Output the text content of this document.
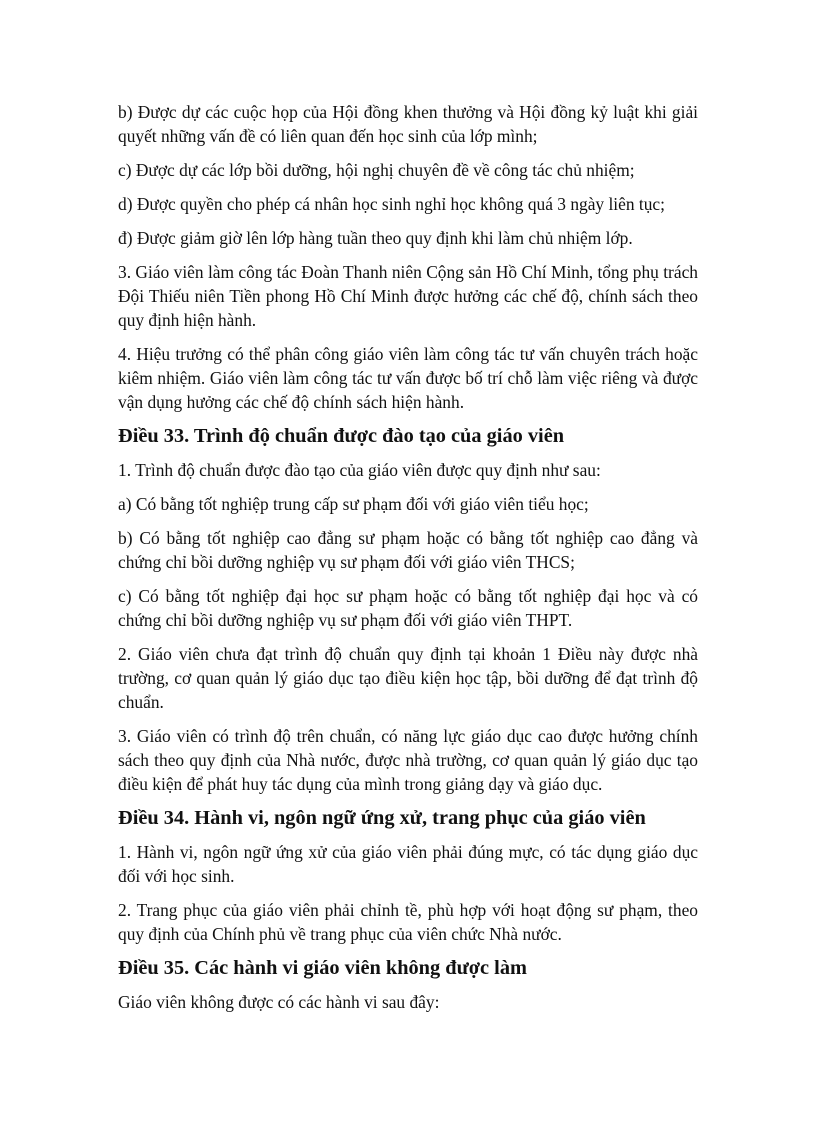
b) Được dự các cuộc họp của Hội đồng khen thưởng và Hội đồng kỷ luật khi giải quyết những vấn đề có liên quan đến học sinh của lớp mình;

c) Được dự các lớp bồi dưỡng, hội nghị chuyên đề về công tác chủ nhiệm;

d) Được quyền cho phép cá nhân học sinh nghỉ học không quá 3 ngày liên tục;

đ) Được giảm giờ lên lớp hàng tuần theo quy định khi làm chủ nhiệm lớp.

3. Giáo viên làm công tác Đoàn Thanh niên Cộng sản Hồ Chí Minh, tổng phụ trách Đội Thiếu niên Tiền phong Hồ Chí Minh được hưởng các chế độ, chính sách theo quy định hiện hành.

4. Hiệu trưởng có thể phân công giáo viên làm công tác tư vấn chuyên trách hoặc kiêm nhiệm. Giáo viên làm công tác tư vấn được bố trí chỗ làm việc riêng và được vận dụng hưởng các chế độ chính sách hiện hành.

Điều 33. Trình độ chuẩn được đào tạo của giáo viên

1. Trình độ chuẩn được đào tạo của giáo viên được quy định như sau:

a) Có bằng tốt nghiệp trung cấp sư phạm đối với giáo viên tiểu học;

b) Có bằng tốt nghiệp cao đẳng sư phạm hoặc có bằng tốt nghiệp cao đẳng và chứng chỉ bồi dưỡng nghiệp vụ sư phạm đối với giáo viên THCS;

c) Có bằng tốt nghiệp đại học sư phạm hoặc có bằng tốt nghiệp đại học và có chứng chỉ bồi dưỡng nghiệp vụ sư phạm đối với giáo viên THPT.

2. Giáo viên chưa đạt trình độ chuẩn quy định tại khoản 1 Điều này được nhà trường, cơ quan quản lý giáo dục tạo điều kiện học tập, bồi dưỡng để đạt trình độ chuẩn.

3. Giáo viên có trình độ trên chuẩn, có năng lực giáo dục cao được hưởng chính sách theo quy định của Nhà nước, được nhà trường, cơ quan quản lý giáo dục tạo điều kiện để phát huy tác dụng của mình trong giảng dạy và giáo dục.

Điều 34. Hành vi, ngôn ngữ ứng xử, trang phục của giáo viên

1. Hành vi, ngôn ngữ ứng xử của giáo viên phải đúng mực, có tác dụng giáo dục đối với học sinh.

2. Trang phục của giáo viên phải chỉnh tề, phù hợp với hoạt động sư phạm, theo quy định của Chính phủ về trang phục của viên chức Nhà nước.

Điều 35. Các hành vi giáo viên không được làm

Giáo viên không được có các hành vi sau đây:
